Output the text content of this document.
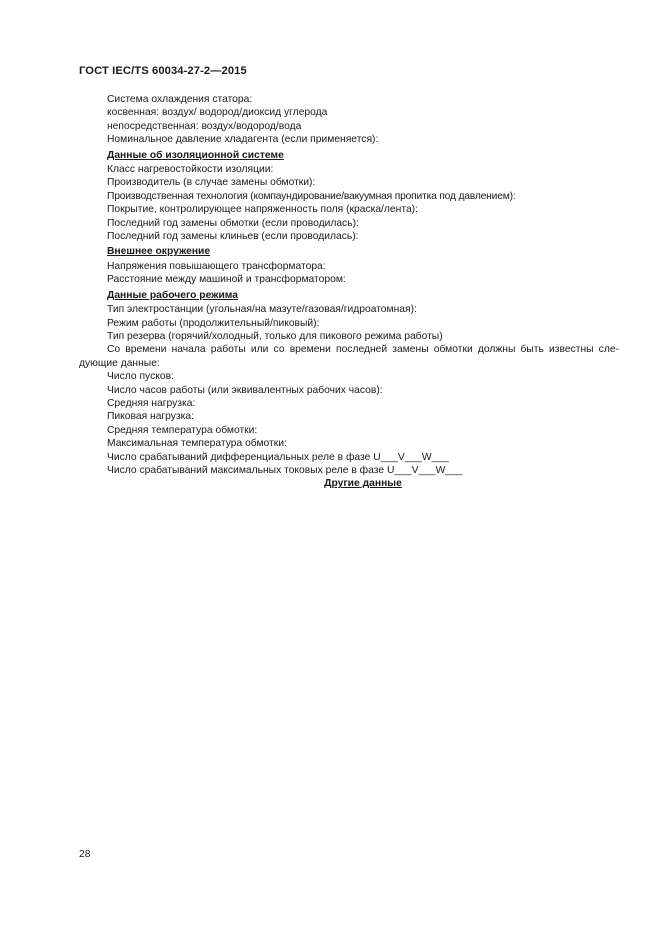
ГОСТ IEC/TS 60034-27-2—2015
Система охлаждения статора:
косвенная: воздух/ водород/диоксид углерода
непосредственная: воздух/водород/вода
Номинальное давление хладагента (если применяется):
Данные об изоляционной системе
Класс нагревостойкости изоляции:
Производитель (в случае замены обмотки):
Производственная технология (компаундирование/вакуумная пропитка под давлением):
Покрытие, контролирующее напряженность поля (краска/лента):
Последний год замены обмотки (если проводилась):
Последний год замены клиньев (если проводилась):
Внешнее окружение
Напряжения повышающего трансформатора:
Расстояние между машиной и трансформатором:
Данные рабочего режима
Тип электростанции (угольная/на мазуте/газовая/гидроатомная):
Режим работы (продолжительный/пиковый):
Тип резерва (горячий/холодный, только для пикового режима работы)
Со времени начала работы или со времени последней замены обмотки должны быть известны сле-дующие данные:
Число пусков:
Число часов работы (или эквивалентных рабочих часов):
Средняя нагрузка:
Пиковая нагрузка:
Средняя температура обмотки:
Максимальная температура обмотки:
Число срабатываний дифференциальных реле в фазе U___V___W___
Число срабатываний максимальных токовых реле в фазе U___V___W___
Другие данные
28
